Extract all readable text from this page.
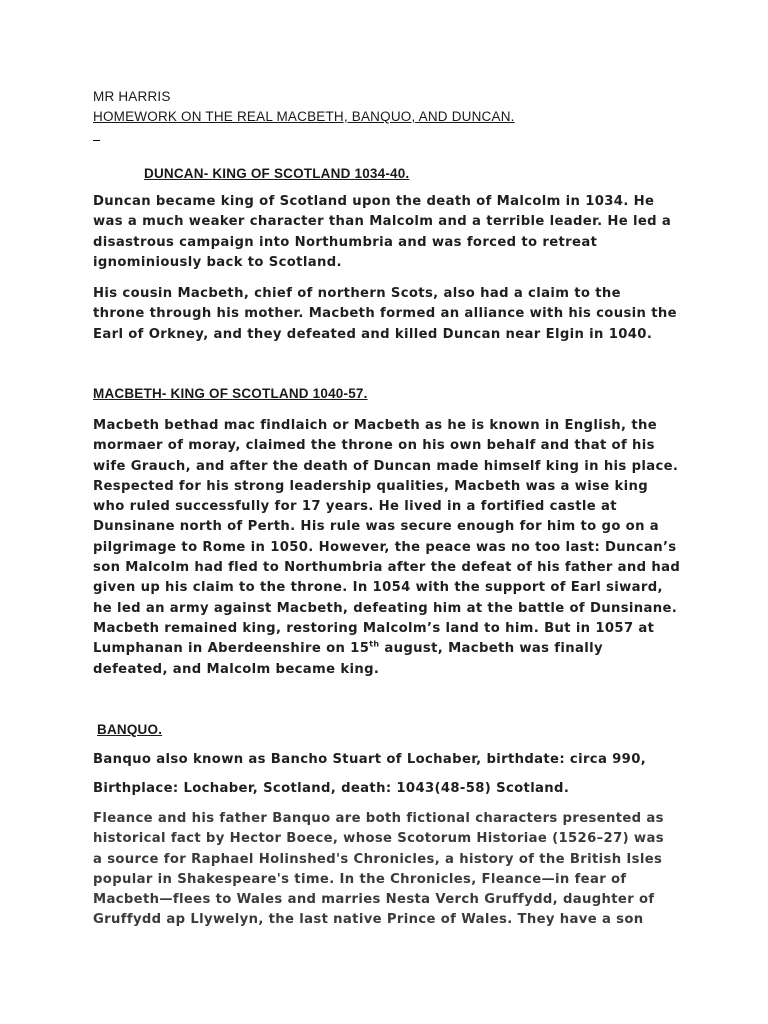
MR HARRIS
HOMEWORK ON THE REAL MACBETH, BANQUO, AND DUNCAN.
DUNCAN- KING OF SCOTLAND 1034-40.
Duncan became king of Scotland upon the death of Malcolm in 1034. He
was a much weaker character than Malcolm and a terrible leader. He led a
disastrous campaign into Northumbria and was forced to retreat
ignominiously back to Scotland.
His cousin Macbeth, chief of northern Scots, also had a claim to the
throne through his mother. Macbeth formed an alliance with his cousin the
Earl of Orkney, and they defeated and killed Duncan near Elgin in 1040.
MACBETH- KING OF SCOTLAND 1040-57.
Macbeth bethad mac findlaich or Macbeth as he is known in English, the
mormaer of moray, claimed the throne on his own behalf and that of his
wife Grauch, and after the death of Duncan made himself king in his place.
Respected for his strong leadership qualities, Macbeth was a wise king
who ruled successfully for 17 years. He lived in a fortified castle at
Dunsinane north of Perth. His rule was secure enough for him to go on a
pilgrimage to Rome in 1050. However, the peace was no too last: Duncan’s
son Malcolm had fled to Northumbria after the defeat of his father and had
given up his claim to the throne. In 1054 with the support of Earl siward,
he led an army against Macbeth, defeating him at the battle of Dunsinane.
Macbeth remained king, restoring Malcolm’s land to him. But in 1057 at
Lumphanan in Aberdeenshire on 15th august, Macbeth was finally
defeated, and Malcolm became king.
BANQUO.
Banquo also known as Bancho Stuart of Lochaber, birthdate: circa 990,
Birthplace: Lochaber, Scotland, death: 1043(48-58) Scotland.
Fleance and his father Banquo are both fictional characters presented as
historical fact by Hector Boece, whose Scotorum Historiae (1526–27) was
a source for Raphael Holinshed's Chronicles, a history of the British Isles
popular in Shakespeare's time. In the Chronicles, Fleance—in fear of
Macbeth—flees to Wales and marries Nesta Verch Gruffydd, daughter of
Gruffydd ap Llywelyn, the last native Prince of Wales. They have a son
